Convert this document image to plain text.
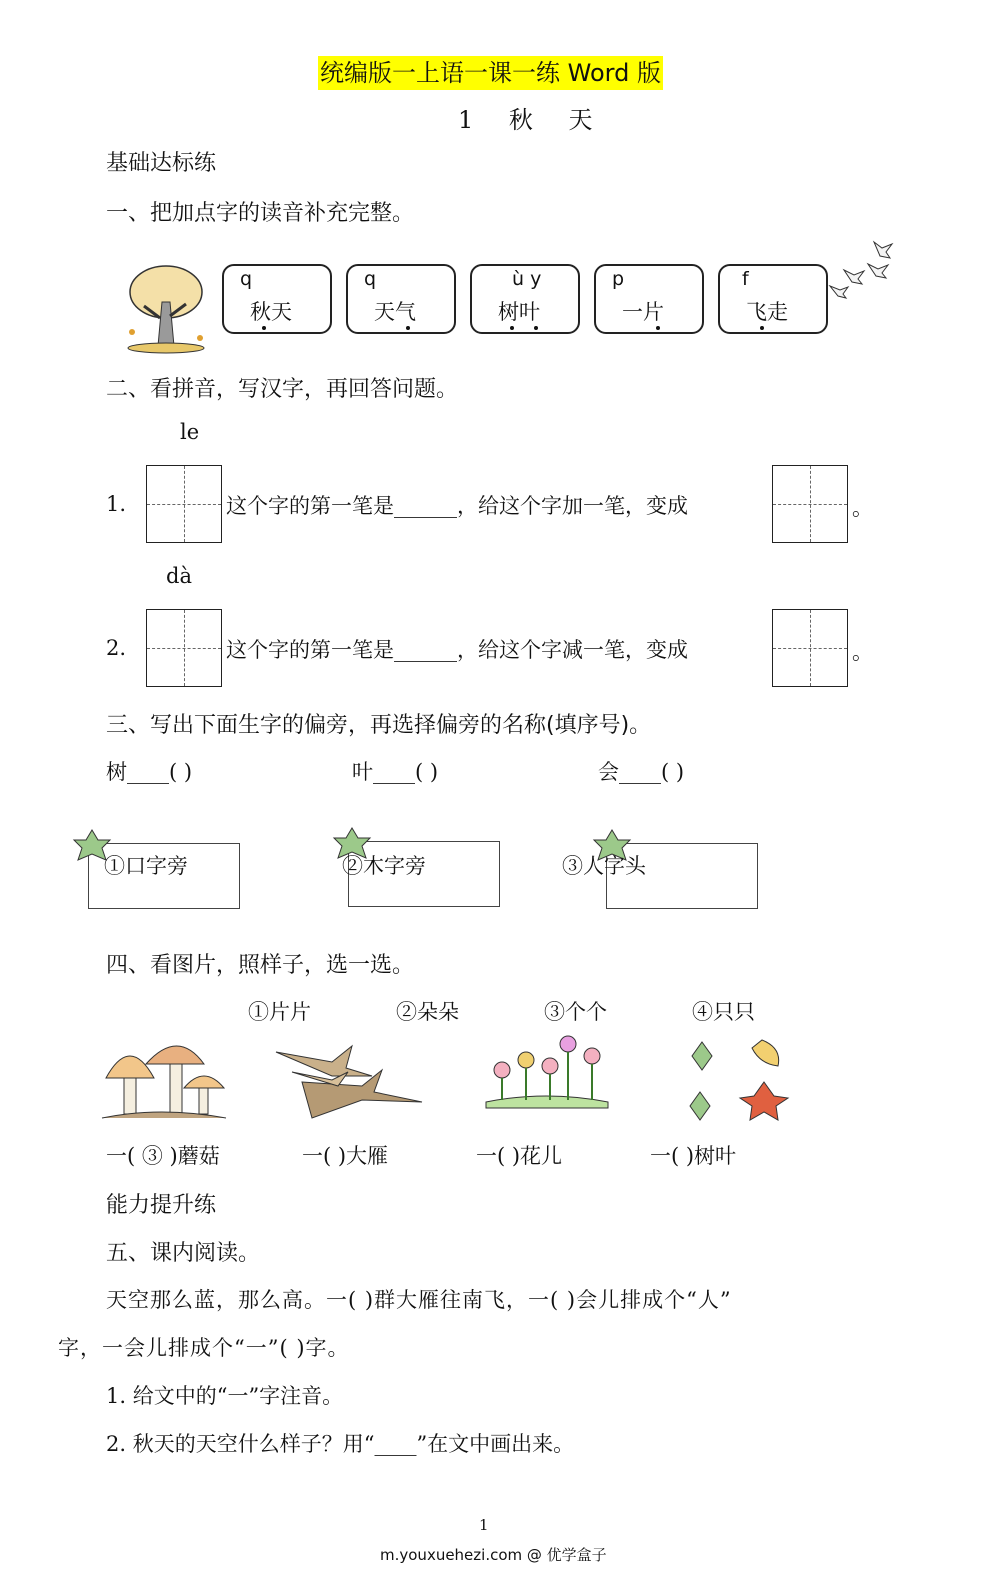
统编版一上语一课一练 Word 版
1 秋 天
基础达标练
一、把加点字的读音补充完整。
q
秋天
q
天气
ù y
树叶
p
一片
f
飞走
二、看拼音，写汉字，再回答问题。
le
1.	这个字的第一笔是______，给这个字加一笔，变成	。
dà
2.	这个字的第一笔是______，给这个字减一笔，变成	。
三、写出下面生字的偏旁，再选择偏旁的名称(填序号)。
树____( )	叶____( )	会____( )
①口字旁	②木字旁	③人字头
四、看图片，照样子，选一选。
①片片	②朵朵	③个个	④只只
一( ③ )蘑菇	一( )大雁	一( )花儿	一( )树叶
能力提升练
五、课内阅读。
天空那么蓝，那么高。一( )群大雁往南飞，一( )会儿排成个“人”
字，一会儿排成个“一”( )字。
1. 给文中的“一”字注音。
2. 秋天的天空什么样子？用“____”在文中画出来。
1
m.youxuehezi.com @ 优学盒子
